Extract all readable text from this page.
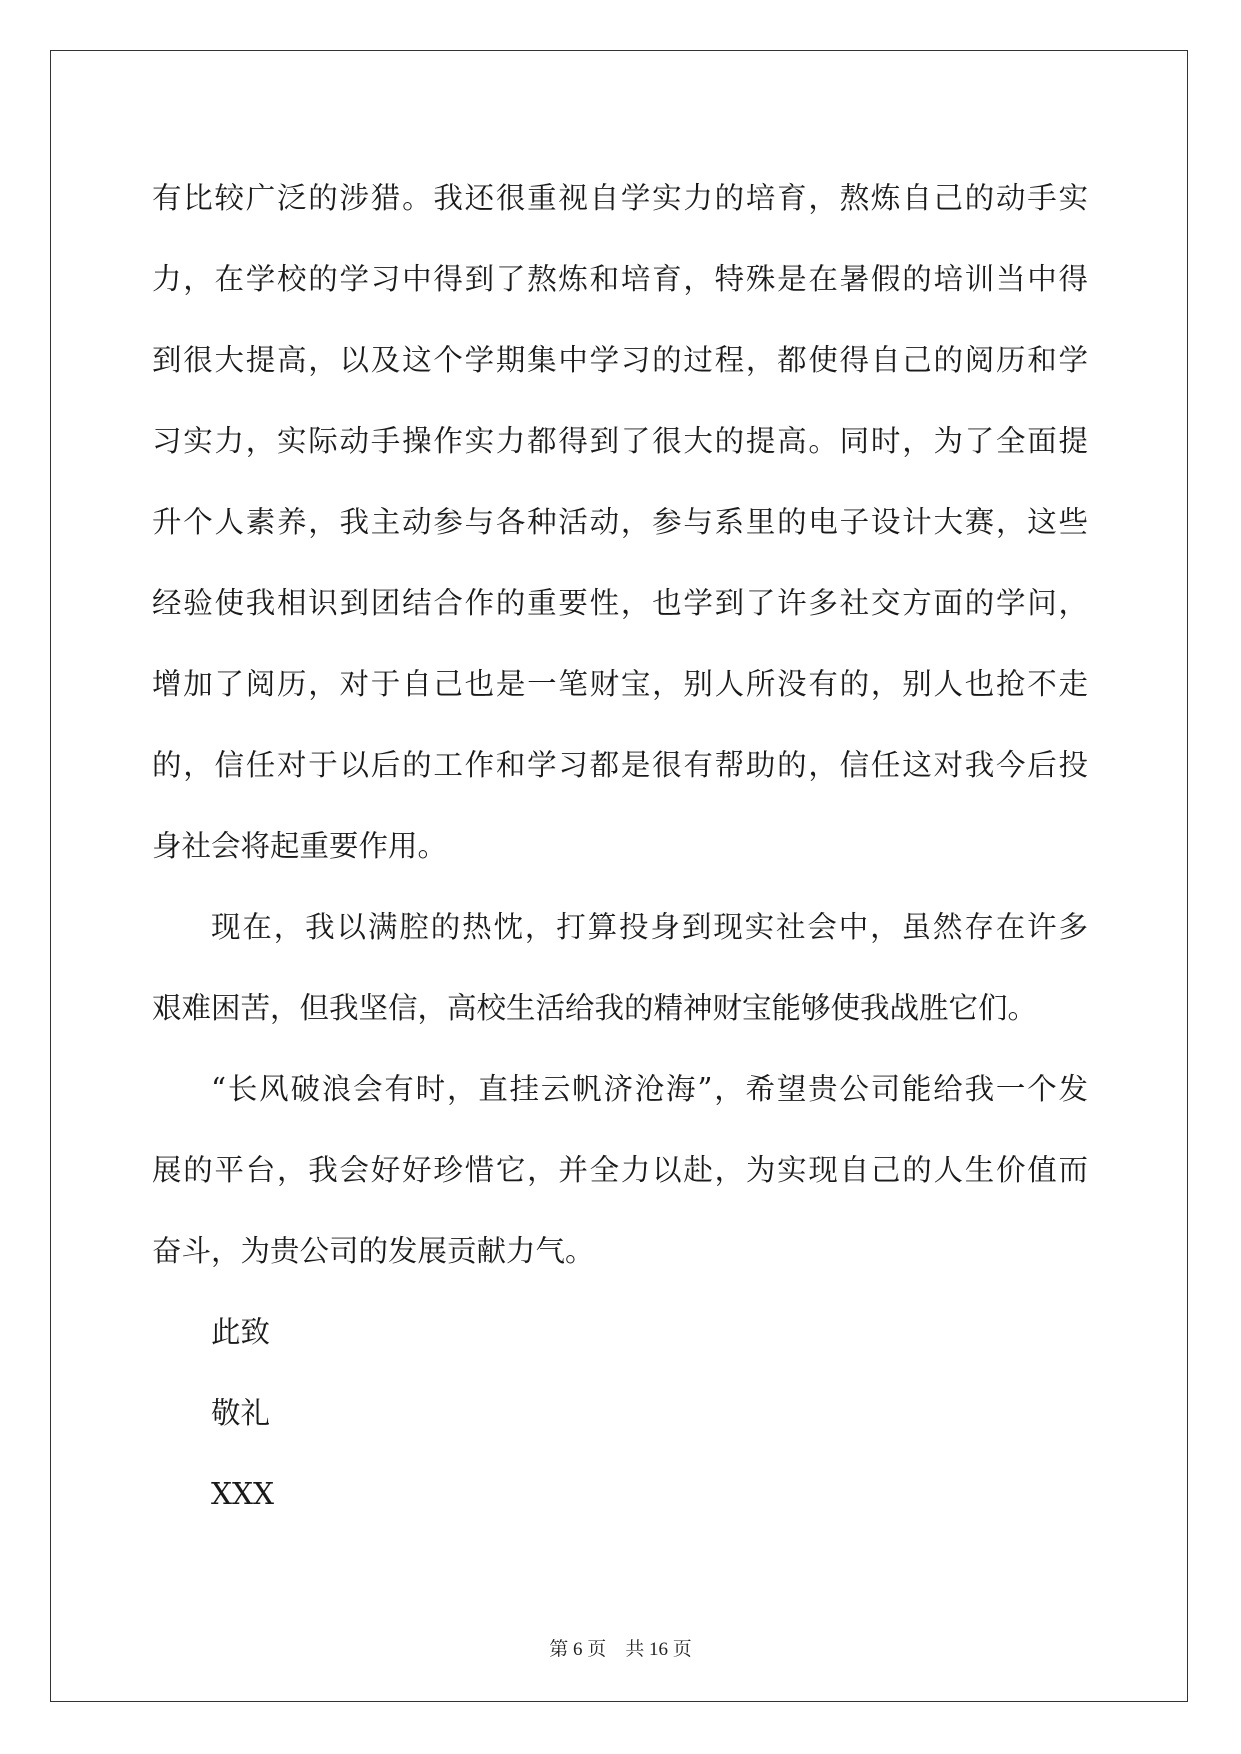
有比较广泛的涉猎。我还很重视自学实力的培育，熬炼自己的动手实
力，在学校的学习中得到了熬炼和培育，特殊是在暑假的培训当中得
到很大提高，以及这个学期集中学习的过程，都使得自己的阅历和学
习实力，实际动手操作实力都得到了很大的提高。同时，为了全面提
升个人素养，我主动参与各种活动，参与系里的电子设计大赛，这些
经验使我相识到团结合作的重要性，也学到了许多社交方面的学问，
增加了阅历，对于自己也是一笔财宝，别人所没有的，别人也抢不走
的，信任对于以后的工作和学习都是很有帮助的，信任这对我今后投
身社会将起重要作用。
现在，我以满腔的热忱，打算投身到现实社会中，虽然存在许多
艰难困苦，但我坚信，高校生活给我的精神财宝能够使我战胜它们。
“长风破浪会有时，直挂云帆济沧海”，希望贵公司能给我一个发
展的平台，我会好好珍惜它，并全力以赴，为实现自己的人生价值而
奋斗，为贵公司的发展贡献力气。
此致
敬礼
XXX
第 6 页 共 16 页
